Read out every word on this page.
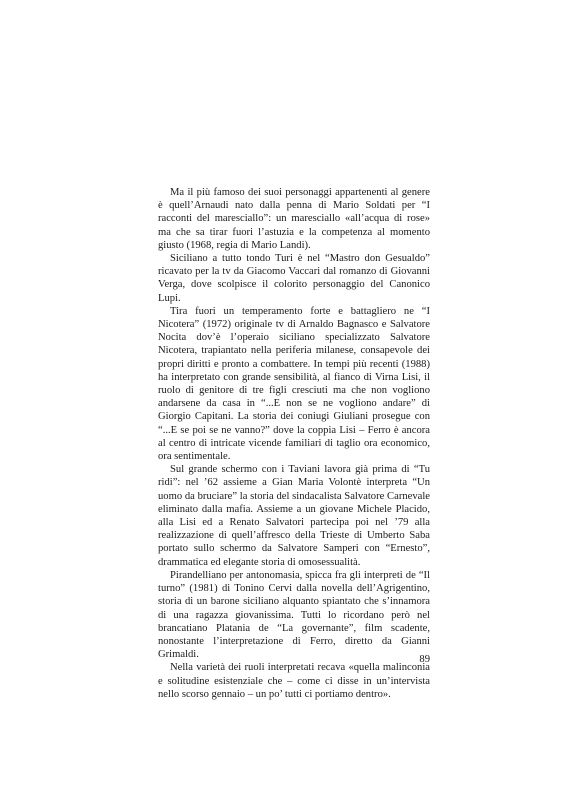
Ma il più famoso dei suoi personaggi appartenenti al genere è quell’Arnaudi nato dalla penna di Mario Soldati per “I racconti del maresciallo”: un maresciallo «all’acqua di rose» ma che sa tirar fuori l’astuzia e la competenza al momento giusto (1968, regia di Mario Landi).

Siciliano a tutto tondo Turi è nel “Mastro don Gesualdo” ricavato per la tv da Giacomo Vaccari dal romanzo di Giovanni Verga, dove scolpisce il colorito personaggio del Canonico Lupi.

Tira fuori un temperamento forte e battagliero ne “I Nicotera” (1972) originale tv di Arnaldo Bagnasco e Salvatore Nocita dov’è l’operaio siciliano specializzato Salvatore Nicotera, trapiantato nella periferia milanese, consapevole dei propri diritti e pronto a combattere. In tempi più recenti (1988) ha interpretato con grande sensibilità, al fianco di Virna Lisi, il ruolo di genitore di tre figli cresciuti ma che non vogliono andarsene da casa in “...E non se ne vogliono andare” di Giorgio Capitani. La storia dei coniugi Giuliani prosegue con “...E se poi se ne vanno?” dove la coppia Lisi – Ferro è ancora al centro di intricate vicende familiari di taglio ora economico, ora sentimentale.

Sul grande schermo con i Taviani lavora già prima di “Tu ridi”: nel ’62 assieme a Gian Maria Volontè interpreta “Un uomo da bruciare” la storia del sindacalista Salvatore Carnevale eliminato dalla mafia. Assieme a un giovane Michele Placido, alla Lisi ed a Renato Salvatori partecipa poi nel ’79 alla realizzazione di quell’affresco della Trieste di Umberto Saba portato sullo schermo da Salvatore Samperi con “Ernesto”, drammatica ed elegante storia di omosessualità.

Pirandelliano per antonomasia, spicca fra gli interpreti de “Il turno” (1981) di Tonino Cervi dalla novella dell’Agrigentino, storia di un barone siciliano alquanto spiantato che s’innamora di una ragazza giovanissima. Tutti lo ricordano però nel brancatiano Platania de “La governante”, film scadente, nonostante l’interpretazione di Ferro, diretto da Gianni Grimaldi.

Nella varietà dei ruoli interpretati recava «quella malinconia e solitudine esistenziale che – come ci disse in un’intervista nello scorso gennaio – un po’ tutti ci portiamo dentro».

89
